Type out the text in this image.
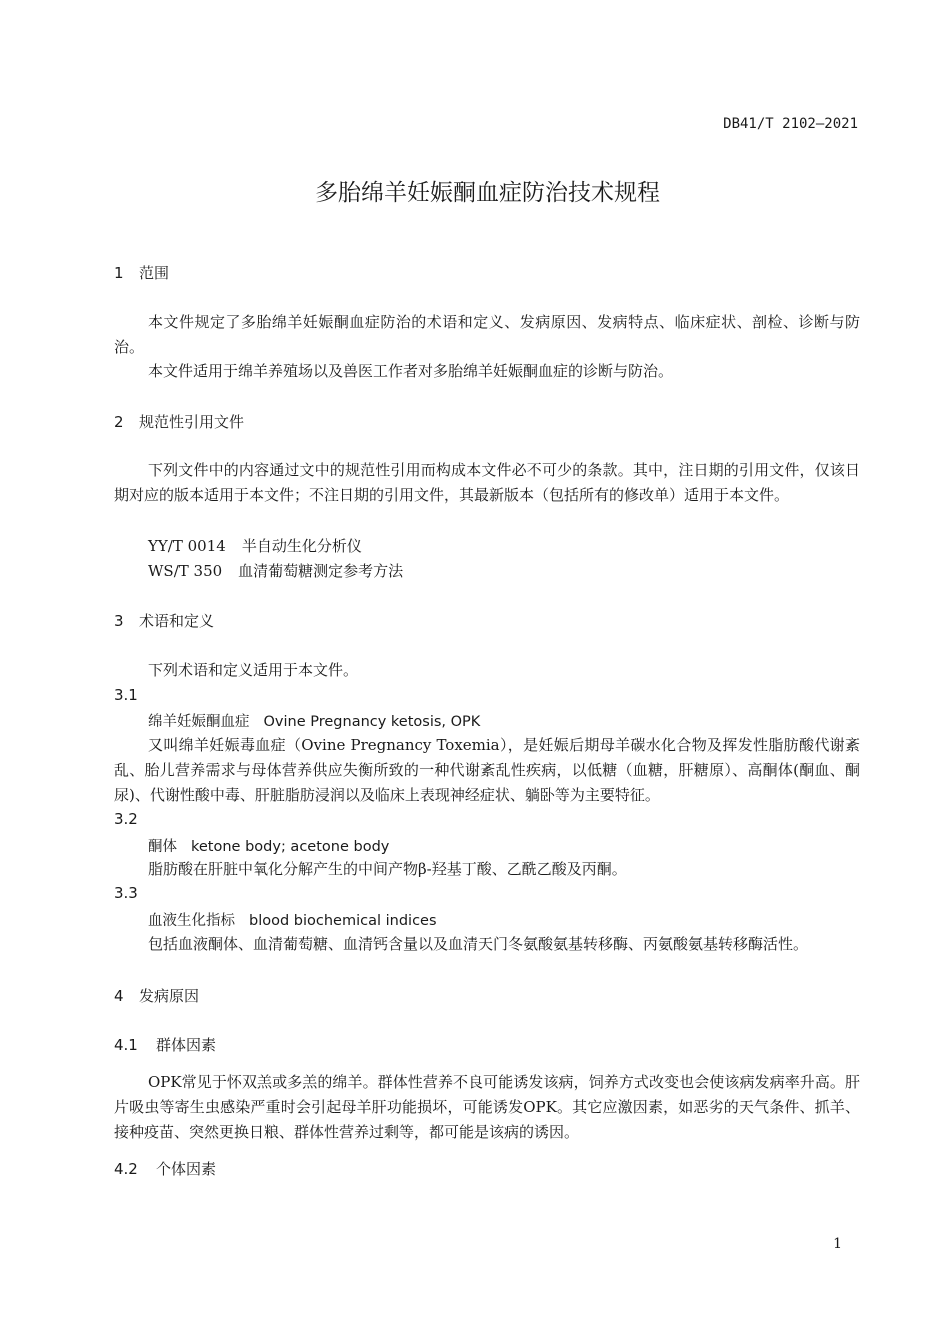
DB41/T 2102—2021
多胎绵羊妊娠酮血症防治技术规程
1 范围
本文件规定了多胎绵羊妊娠酮血症防治的术语和定义、发病原因、发病特点、临床症状、剖检、诊断与防治。
本文件适用于绵羊养殖场以及兽医工作者对多胎绵羊妊娠酮血症的诊断与防治。
2 规范性引用文件
下列文件中的内容通过文中的规范性引用而构成本文件必不可少的条款。其中，注日期的引用文件，仅该日期对应的版本适用于本文件；不注日期的引用文件，其最新版本（包括所有的修改单）适用于本文件。
YY/T 0014 半自动生化分析仪
WS/T 350 血清葡萄糖测定参考方法
3 术语和定义
下列术语和定义适用于本文件。
3.1
绵羊妊娠酮血症 Ovine Pregnancy ketosis, OPK
又叫绵羊妊娠毒血症（Ovine Pregnancy Toxemia），是妊娠后期母羊碳水化合物及挥发性脂肪酸代谢紊乱、胎儿营养需求与母体营养供应失衡所致的一种代谢紊乱性疾病，以低糖（血糖，肝糖原）、高酮体(酮血、酮尿)、代谢性酸中毒、肝脏脂肪浸润以及临床上表现神经症状、躺卧等为主要特征。
3.2
酮体 ketone body; acetone body
脂肪酸在肝脏中氧化分解产生的中间产物β-羟基丁酸、乙酰乙酸及丙酮。
3.3
血液生化指标 blood biochemical indices
包括血液酮体、血清葡萄糖、血清钙含量以及血清天门冬氨酸氨基转移酶、丙氨酸氨基转移酶活性。
4 发病原因
4.1 群体因素
OPK常见于怀双羔或多羔的绵羊。群体性营养不良可能诱发该病，饲养方式改变也会使该病发病率升高。肝片吸虫等寄生虫感染严重时会引起母羊肝功能损坏，可能诱发OPK。其它应激因素，如恶劣的天气条件、抓羊、接种疫苗、突然更换日粮、群体性营养过剩等，都可能是该病的诱因。
4.2 个体因素
1
